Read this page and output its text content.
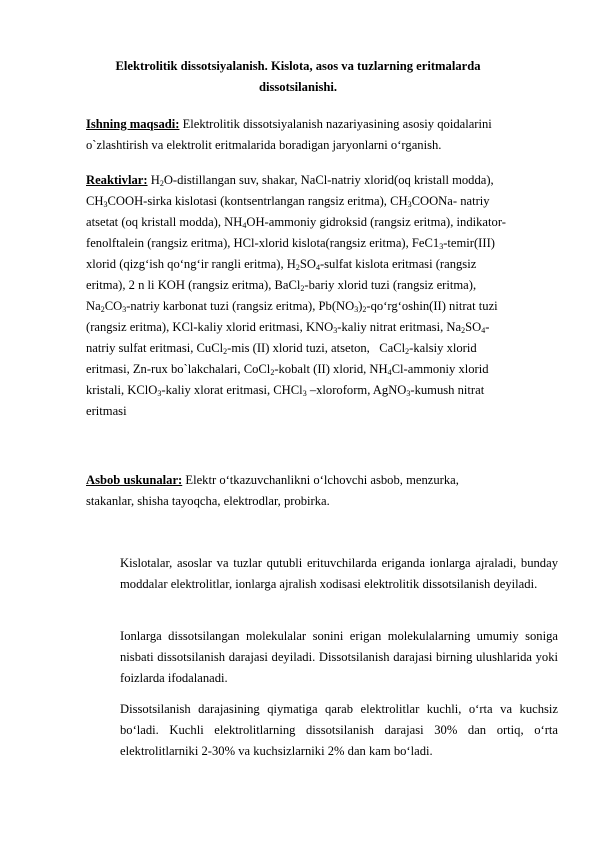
Elektrolitik dissotsiyalanish. Kislota, asos va tuzlarning eritmalarda
dissotsilanishi.
Ishning maqsadi: Elektrolitik dissotsiyalanish nazariyasining asosiy qoidalarini
o`zlashtirish va elektrolit eritmalarida boradigan jaryonlarni o‘rganish.
Reaktivlar: $H_2O$-distillangan suv, shakar, NaCl-natriy xlorid(oq kristall modda),
$CH_3COOH$-sirka kislotasi (kontsentrlangan rangsiz eritma), $CH_3COONa-$ natriy
atsetat (oq kristall modda), $NH_4OH$-ammoniy gidroksid (rangsiz eritma), indikator-
fenolftalein (rangsiz eritma), HCl-xlorid kislota(rangsiz eritma), $FeC1_3-temir(III)$
xlorid (qizg‘ish qo‘ng‘ir rangli eritma), $H_2SO_4$-sulfat kislota eritmasi (rangsiz
eritma), 2 n li KOH (rangsiz eritma), BaCl$_2$-bariy xlorid tuzi (rangsiz eritma),
$Na_2CO_3$-natriy karbonat tuzi (rangsiz eritma), $Pb(NO_3)_2-qo‘rg‘oshin(II)$ nitrat tuzi
(rangsiz eritma), KCl-kaliy xlorid eritmasi, $KNO_3$-kaliy nitrat eritmasi, $Na_2SO_4-$
natriy sulfat eritmasi, CuCl$_2$-mis (II) xlorid tuzi, atseton,   CaCl$_2$-kalsiy xlorid
eritmasi, Zn-rux bo`lakchalari, CoCl$_2$-kobalt (II) xlorid, $NH_4Cl$-ammoniy xlorid
kristali, KClO$_3$-kaliy xlorat eritmasi, CHCl$_3$ –xloroform, AgNO$_3$-kumush nitrat
eritmasi
Asbob uskunalar: Elektr o‘tkazuvchanlikni o‘lchovchi asbob, menzurka,
stakanlar, shisha tayoqcha, elektrodlar, probirka.
Kislotalar, asoslar va tuzlar qutubli erituvchilarda eriganda ionlarga ajraladi, bunday moddalar elektrolitlar, ionlarga ajralish xodisasi elektrolitik dissotsilanish deyiladi.
Ionlarga dissotsilangan molekulalar sonini erigan molekulalarning umumiy soniga nisbati dissotsilanish darajasi deyiladi. Dissotsilanish darajasi birning ulushlarida yoki foizlarda ifodalanadi.
Dissotsilanish darajasining qiymatiga qarab elektrolitlar kuchli, o‘rta va kuchsiz bo‘ladi. Kuchli elektrolitlarning dissotsilanish darajasi 30% dan ortiq, o‘rta elektrolitlarniki 2-30% va kuchsizlarniki 2% dan kam bo‘ladi.
